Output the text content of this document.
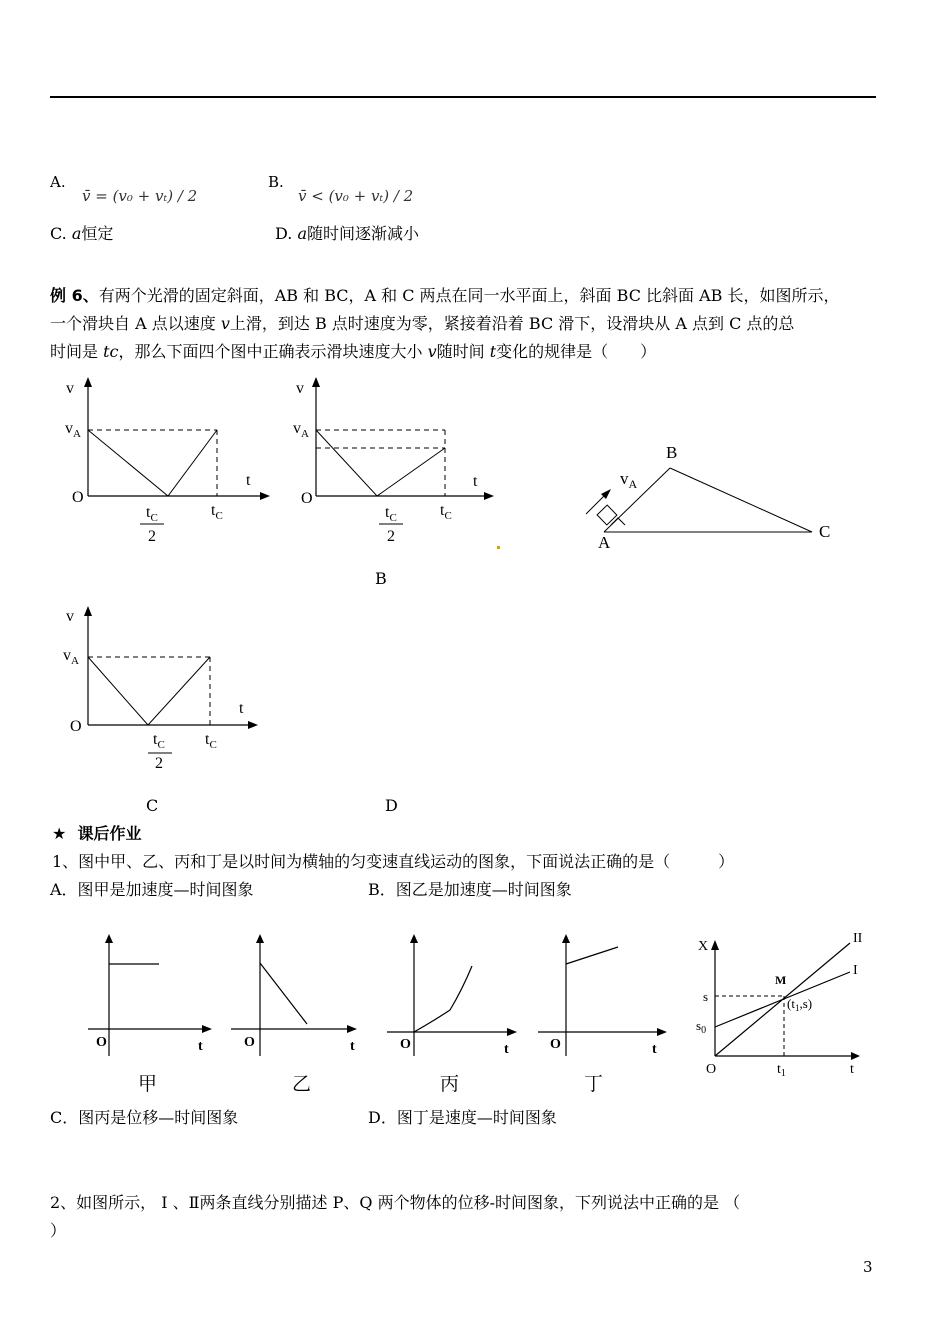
A.
v̄ = (v₀ + vₜ) / 2
B.
v̄ < (v₀ + vₜ) / 2
C. a恒定	D. a随时间逐渐减小
例 6、有两个光滑的固定斜面，AB 和 BC，A 和 C 两点在同一水平面上，斜面 BC 比斜面 AB 长，如图所示，
一个滑块自 A 点以速度 v上滑，到达 B 点时速度为零，紧接着沿着 BC 滑下，设滑块从 A 点到 C 点的总
时间是 tc，那么下面四个图中正确表示滑块速度大小 v随时间 t变化的规律是（　　）
v
t
O
$v_A$
$t_C$
2
$t_C$
v
t
O
$v_A$
$t_C$
2
$t_C$
B
A
C
$v_A$
B
v
t
O
$v_A$
$t_C$
2
$t_C$
C	D
★ 课后作业
1、图中甲、乙、丙和丁是以时间为横轴的匀变速直线运动的图象，下面说法正确的是（　　　）
A．图甲是加速度—时间图象	B．图乙是加速度—时间图象
O	t
甲
O	t
乙
O	t
丙
O	t
丁
X
II
I
M
s
$s_0$
$(t_1,s)$
O	$t_1$	t
C．图丙是位移—时间图象	D．图丁是速度—时间图象
2、如图所示， Ⅰ 、Ⅱ两条直线分别描述 P、Q 两个物体的位移-时间图象，下列说法中正确的是 （
）
3
